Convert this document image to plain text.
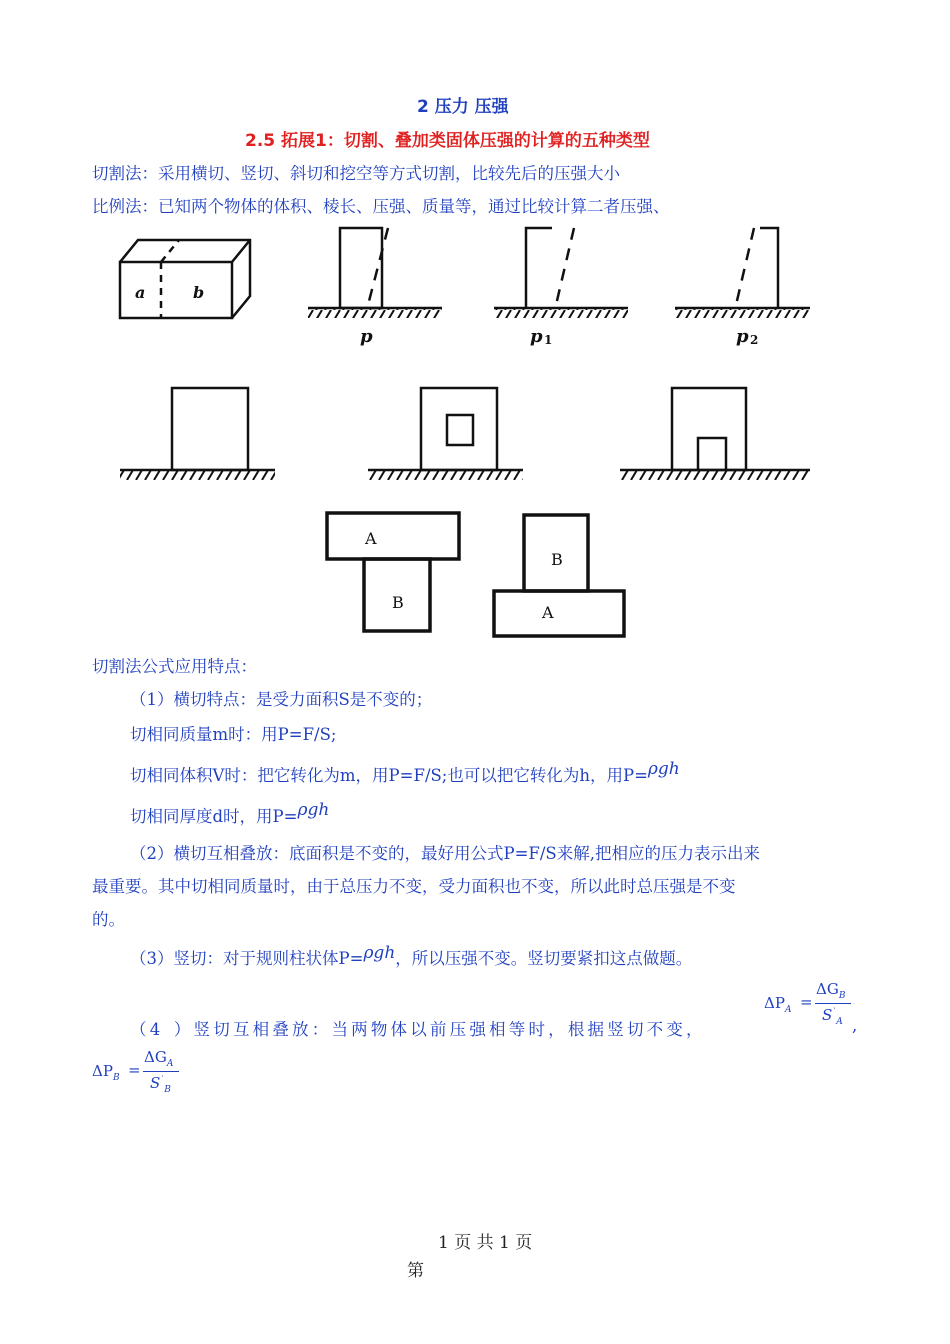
2 压力 压强
2.5 拓展1：切割、叠加类固体压强的计算的五种类型
切割法：采用横切、竖切、斜切和挖空等方式切割，比较先后的压强大小
比例法：已知两个物体的体积、棱长、压强、质量等，通过比较计算二者压强、
a	b
p	p 1	p 2
A
B
B
A
切割法公式应用特点：
（1）横切特点：是受力面积S是不变的；
切相同质量m时：用P=F/S;
切相同体积V时：把它转化为m，用P=F/S;也可以把它转化为h，用P=ρgh
切相同厚度d时，用P=ρgh
（2）横切互相叠放：底面积是不变的，最好用公式P=F/S来解,把相应的压力表示出来
最重要。其中切相同质量时，由于总压力不变，受力面积也不变，所以此时总压强是不变
的。
（3）竖切：对于规则柱状体P=ρgh，所以压强不变。竖切要紧扣这点做题。
（4 ）竖切互相叠放：当两物体以前压强相等时，根据竖切不变，	,
$\Delta P_A$ =
$\Delta G_B$
$S^`_A$
$\Delta P_B$ =
$\Delta G_A$
$S^`_B$
1 页 共 1 页
第
